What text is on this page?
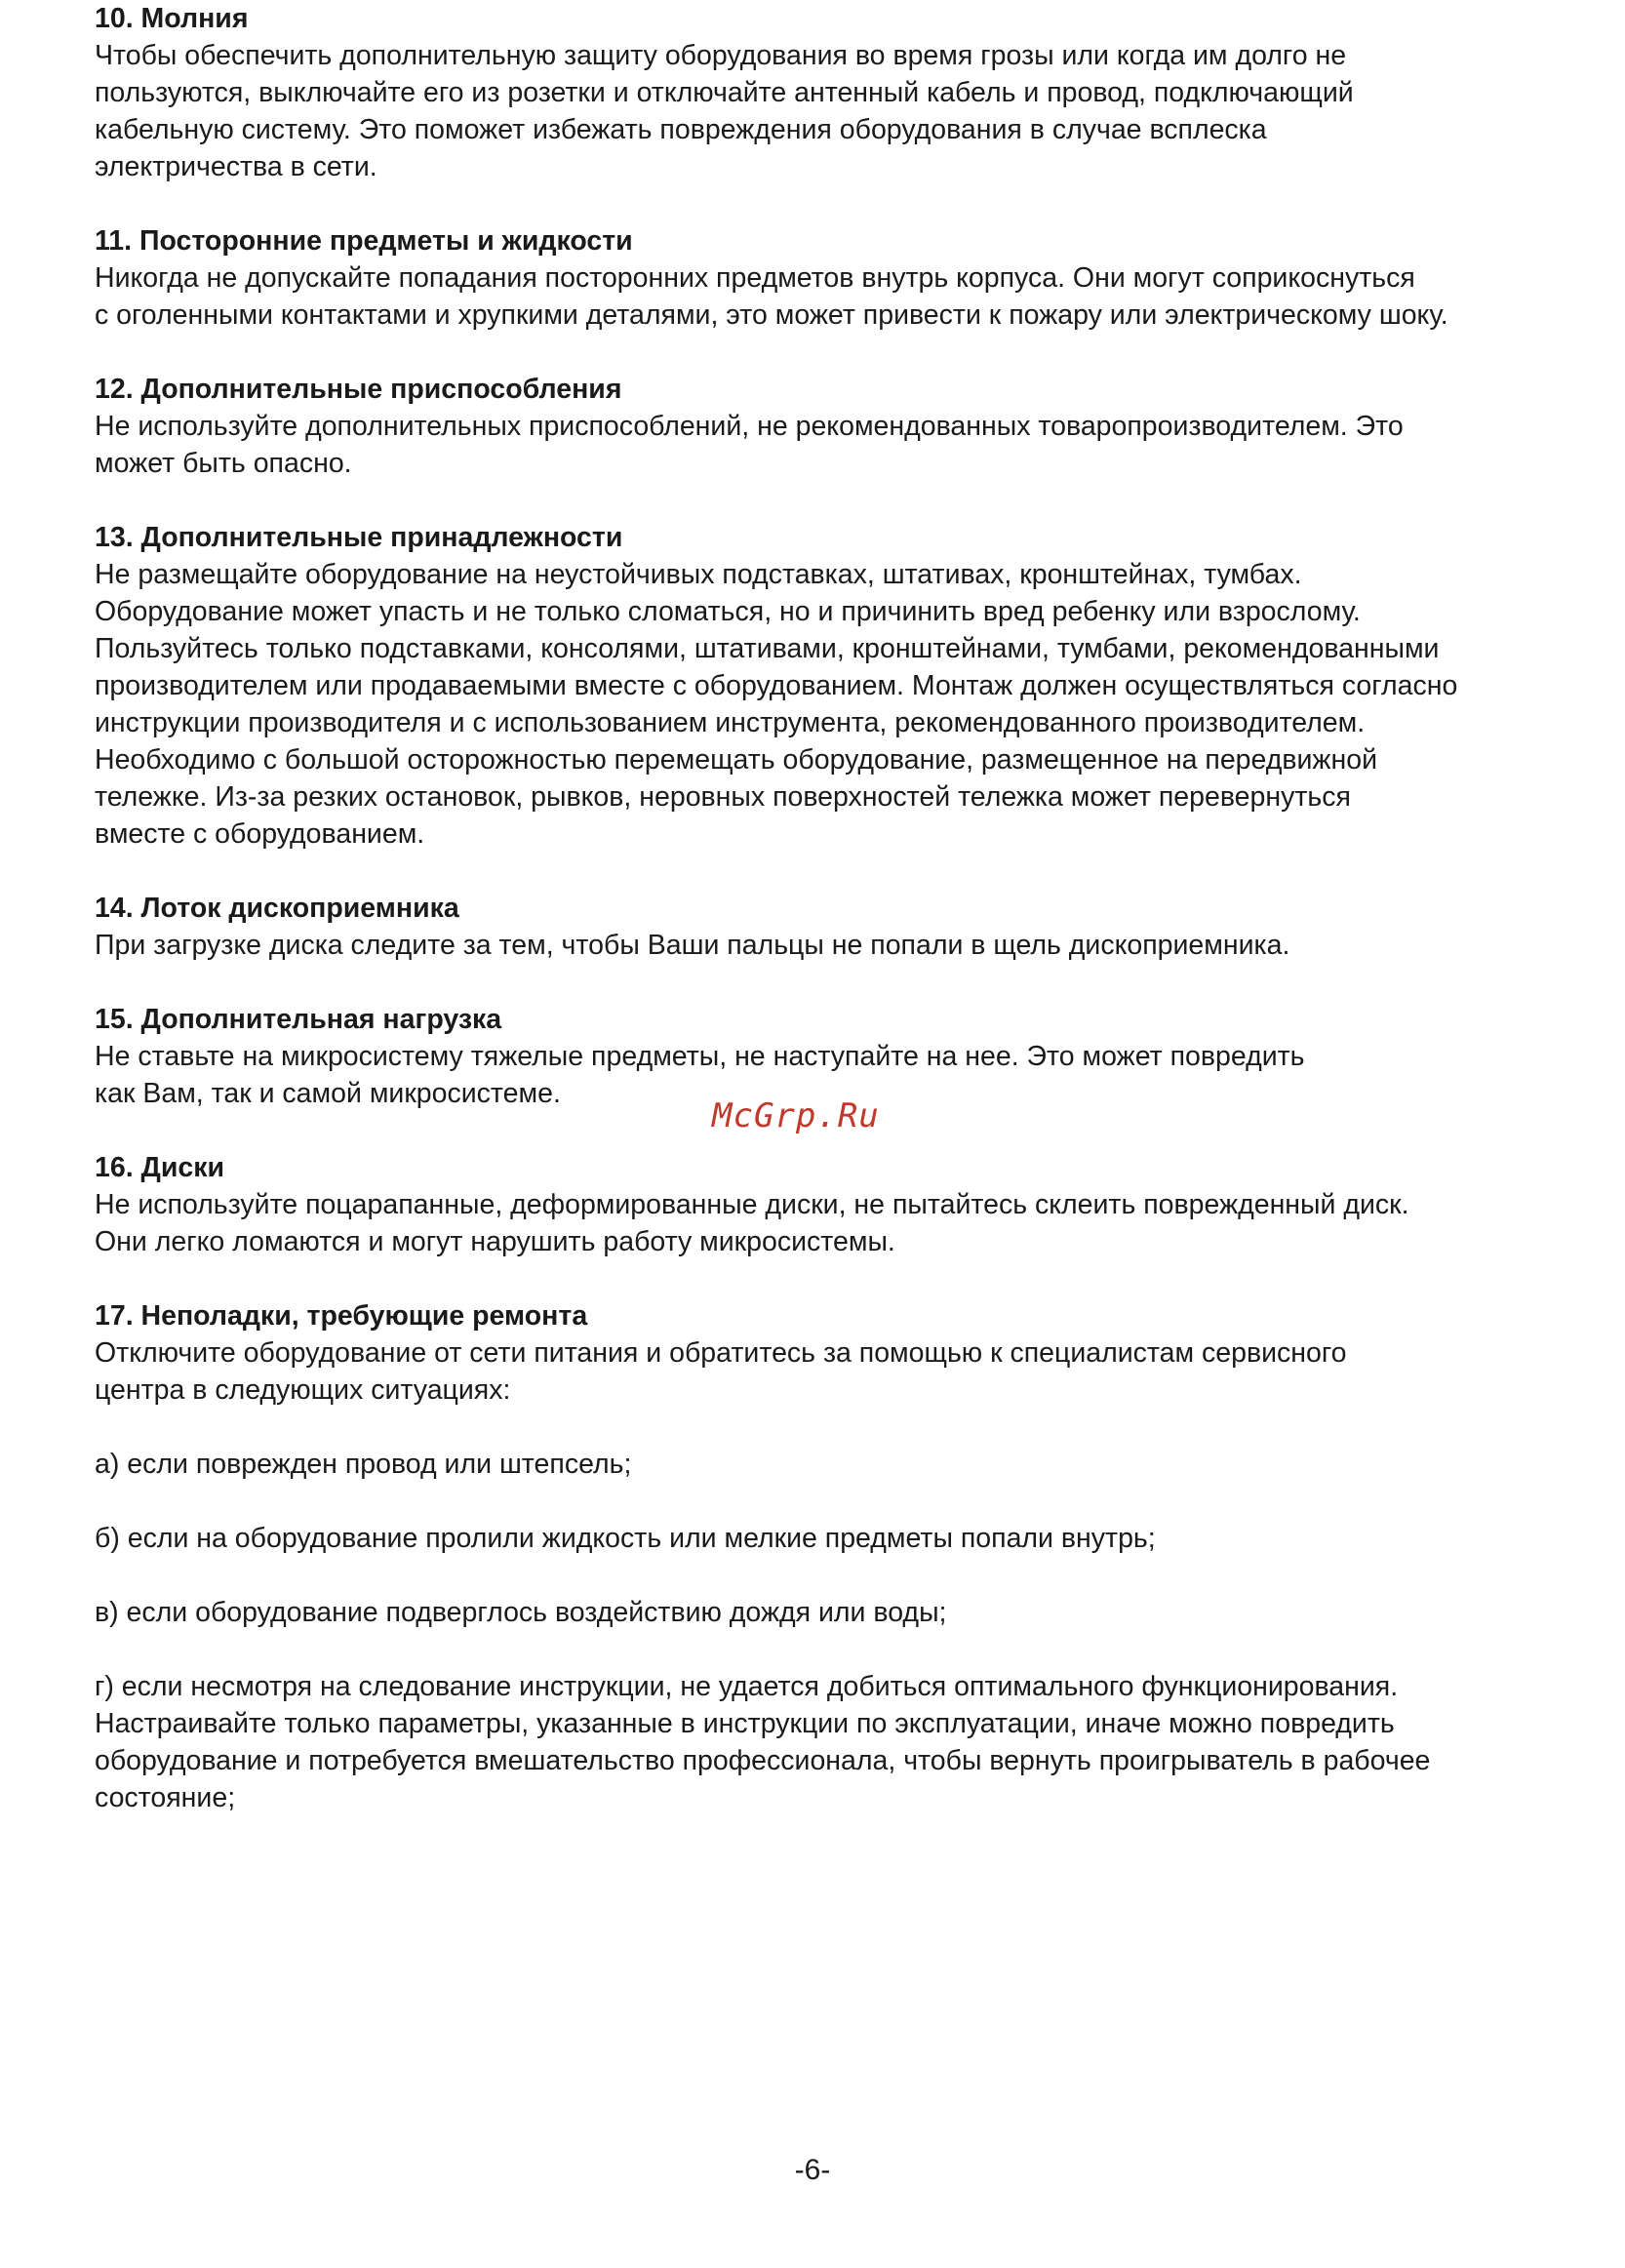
10. Молния
Чтобы обеспечить дополнительную защиту оборудования во время грозы или когда им долго не
пользуются, выключайте его из розетки и отключайте антенный кабель и провод, подключающий
кабельную систему. Это поможет избежать повреждения оборудования в случае всплеска
электричества в сети.
11. Посторонние предметы и жидкости
Никогда не допускайте попадания посторонних предметов внутрь корпуса. Они могут соприкоснуться
с оголенными контактами и хрупкими деталями, это может привести к пожару или электрическому шоку.
12. Дополнительные приспособления
Не используйте дополнительных приспособлений, не рекомендованных товаропроизводителем. Это
может быть опасно.
13. Дополнительные принадлежности
Не размещайте оборудование на неустойчивых подставках, штативах, кронштейнах, тумбах.
Оборудование может упасть и не только сломаться, но и причинить вред ребенку или взрослому.
Пользуйтесь только подставками, консолями, штативами, кронштейнами, тумбами, рекомендованными
производителем или продаваемыми вместе с оборудованием. Монтаж должен осуществляться согласно
инструкции производителя и с использованием инструмента, рекомендованного производителем.
Необходимо с большой осторожностью перемещать оборудование, размещенное на передвижной
тележке. Из-за резких остановок, рывков, неровных поверхностей тележка может перевернуться
вместе с оборудованием.
14. Лоток дископриемника
При загрузке диска следите за тем, чтобы Ваши пальцы не попали в щель дископриемника.
15. Дополнительная нагрузка
Не ставьте на микросистему тяжелые предметы, не наступайте на нее. Это может повредить
как Вам, так и самой микросистеме.
16. Диски
Не используйте поцарапанные, деформированные диски, не пытайтесь склеить поврежденный диск.
Они легко ломаются и могут нарушить работу микросистемы.
17. Неполадки, требующие ремонта
Отключите оборудование от сети питания и обратитесь за помощью к специалистам сервисного
центра в следующих ситуациях:
а) если поврежден провод или штепсель;
б) если на оборудование пролили жидкость или мелкие предметы попали внутрь;
в) если оборудование подверглось воздействию дождя или воды;
г) если несмотря на следование инструкции, не удается добиться оптимального функционирования.
Настраивайте только параметры, указанные в инструкции по эксплуатации, иначе можно повредить
оборудование и потребуется вмешательство профессионала, чтобы вернуть проигрыватель в рабочее
состояние;
McGrp.Ru
-6-
